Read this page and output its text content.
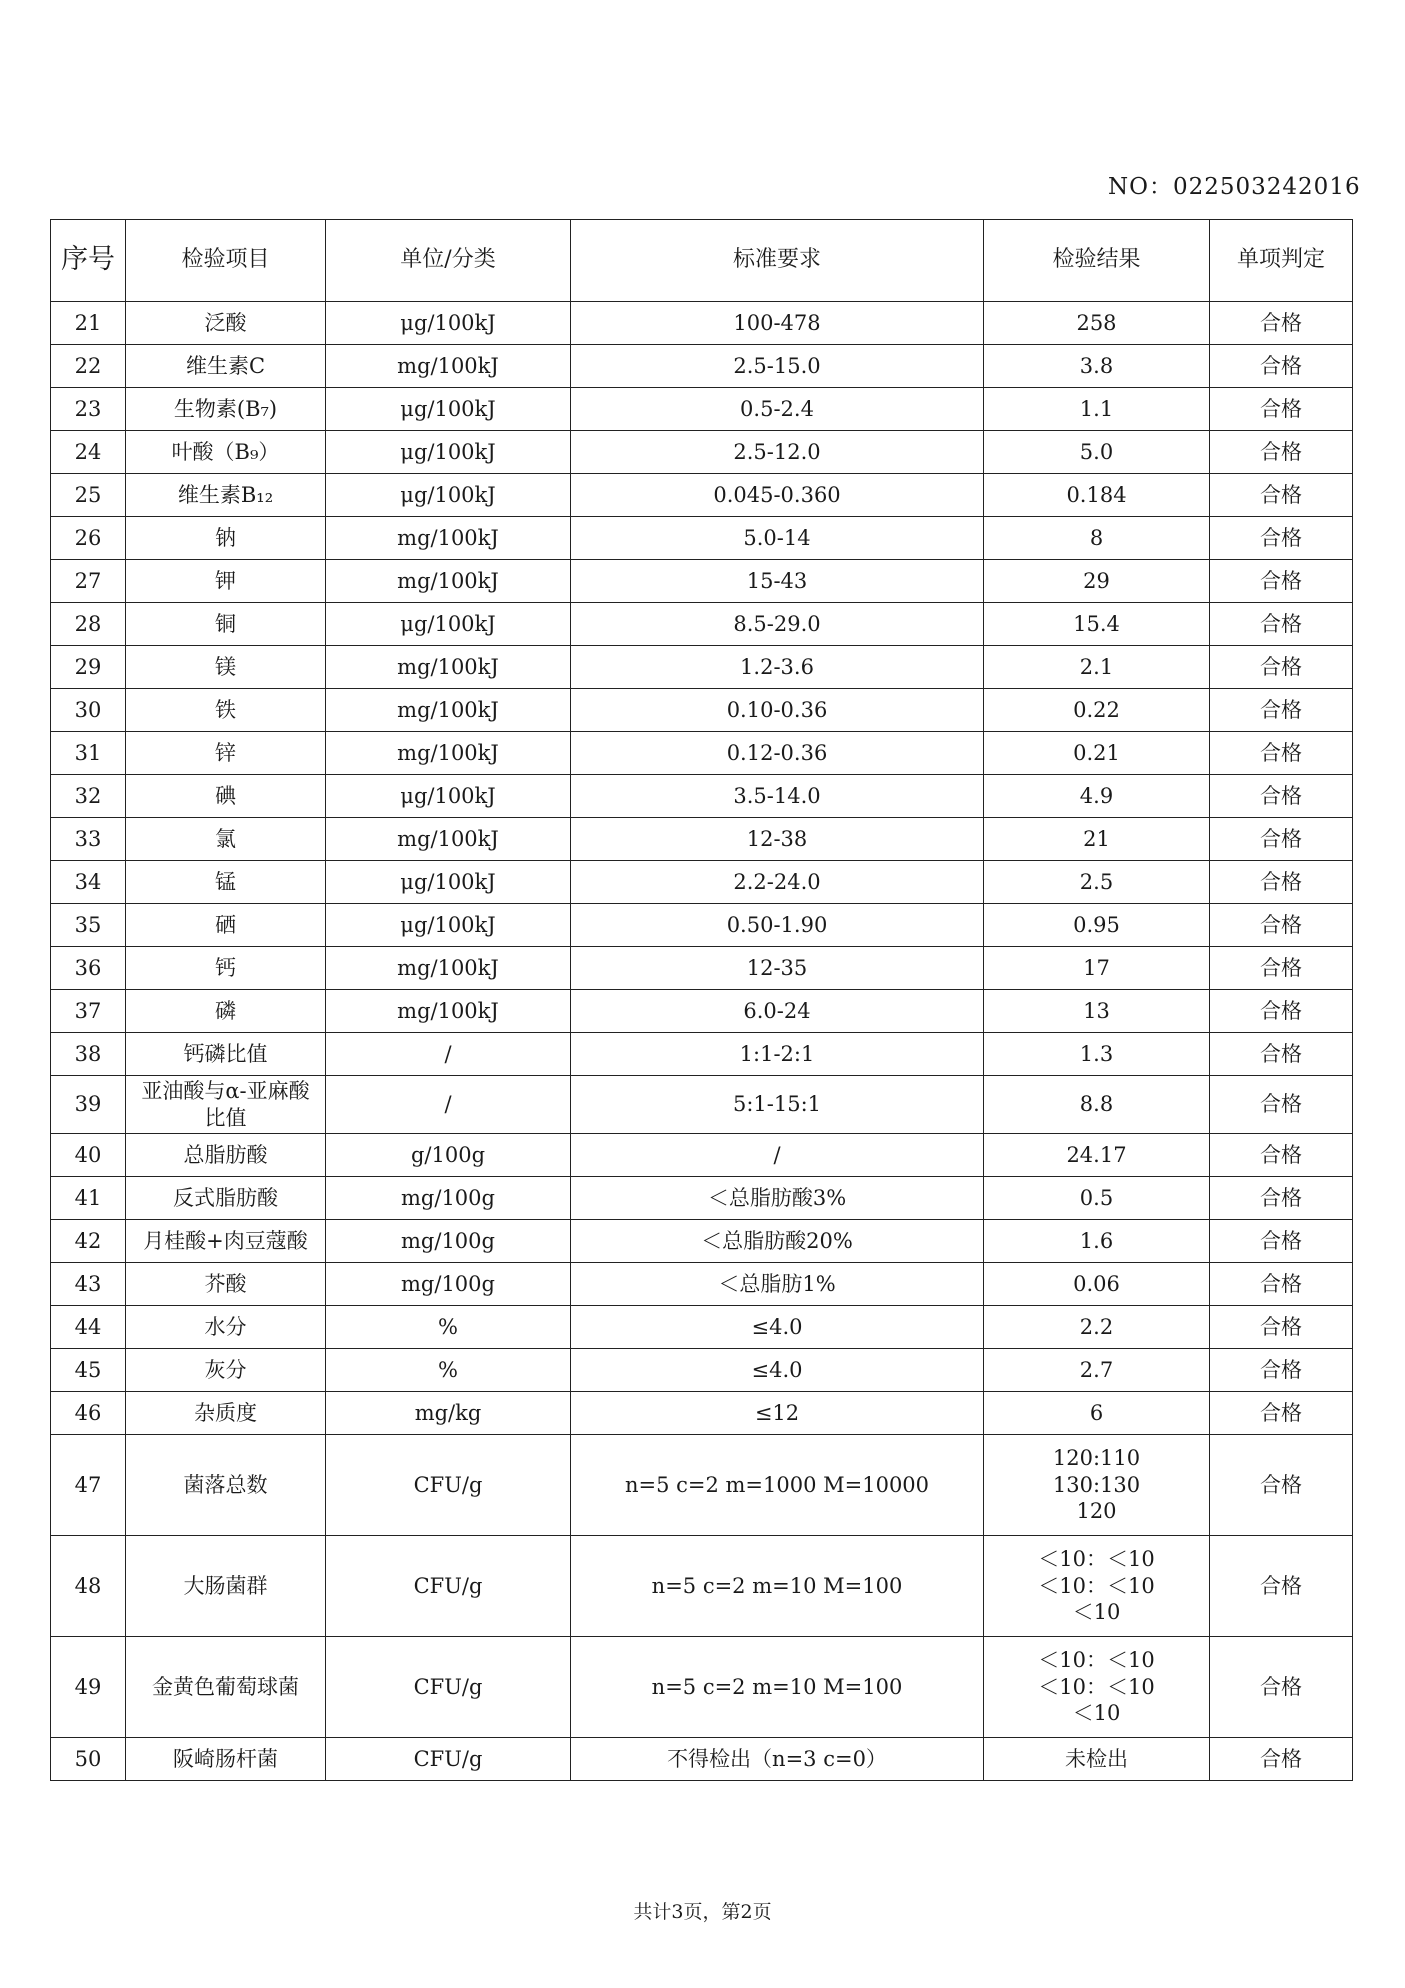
NO：022503242016
序号	检验项目	单位/分类	标准要求	检验结果	单项判定
21	泛酸	μg/100kJ	100-478	258	合格
22	维生素C	mg/100kJ	2.5-15.0	3.8	合格
23	生物素(B₇)	μg/100kJ	0.5-2.4	1.1	合格
24	叶酸（B₉）	μg/100kJ	2.5-12.0	5.0	合格
25	维生素B₁₂	μg/100kJ	0.045-0.360	0.184	合格
26	钠	mg/100kJ	5.0-14	8	合格
27	钾	mg/100kJ	15-43	29	合格
28	铜	μg/100kJ	8.5-29.0	15.4	合格
29	镁	mg/100kJ	1.2-3.6	2.1	合格
30	铁	mg/100kJ	0.10-0.36	0.22	合格
31	锌	mg/100kJ	0.12-0.36	0.21	合格
32	碘	μg/100kJ	3.5-14.0	4.9	合格
33	氯	mg/100kJ	12-38	21	合格
34	锰	μg/100kJ	2.2-24.0	2.5	合格
35	硒	μg/100kJ	0.50-1.90	0.95	合格
36	钙	mg/100kJ	12-35	17	合格
37	磷	mg/100kJ	6.0-24	13	合格
38	钙磷比值	/	1:1-2:1	1.3	合格
39	亚油酸与α-亚麻酸比值	/	5:1-15:1	8.8	合格
40	总脂肪酸	g/100g	/	24.17	合格
41	反式脂肪酸	mg/100g	＜总脂肪酸3%	0.5	合格
42	月桂酸+肉豆蔻酸	mg/100g	＜总脂肪酸20%	1.6	合格
43	芥酸	mg/100g	＜总脂肪1%	0.06	合格
44	水分	%	≤4.0	2.2	合格
45	灰分	%	≤4.0	2.7	合格
46	杂质度	mg/kg	≤12	6	合格
47	菌落总数	CFU/g	n=5 c=2 m=1000 M=10000	120:110
130:130
120	合格
48	大肠菌群	CFU/g	n=5 c=2 m=10 M=100	＜10：＜10
＜10：＜10
＜10	合格
49	金黄色葡萄球菌	CFU/g	n=5 c=2 m=10 M=100	＜10：＜10
＜10：＜10
＜10	合格
50	阪崎肠杆菌	CFU/g	不得检出（n=3 c=0）	未检出	合格
共计3页，第2页
